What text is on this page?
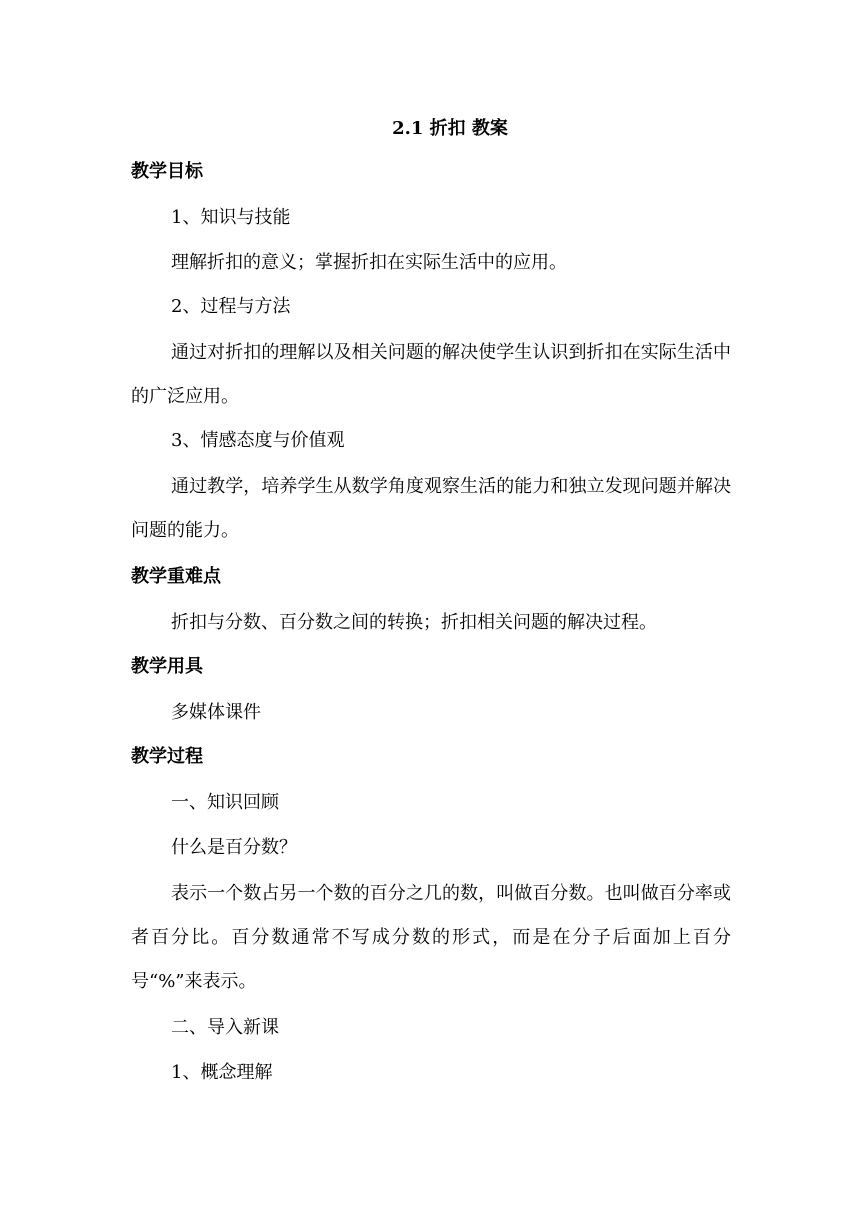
2.1 折扣 教案
教学目标
1、知识与技能
理解折扣的意义；掌握折扣在实际生活中的应用。
2、过程与方法
通过对折扣的理解以及相关问题的解决使学生认识到折扣在实际生活中的广泛应用。
3、情感态度与价值观
通过教学，培养学生从数学角度观察生活的能力和独立发现问题并解决问题的能力。
教学重难点
折扣与分数、百分数之间的转换；折扣相关问题的解决过程。
教学用具
多媒体课件
教学过程
一、知识回顾
什么是百分数？
表示一个数占另一个数的百分之几的数，叫做百分数。也叫做百分率或者百分比。百分数通常不写成分数的形式，而是在分子后面加上百分号“%”来表示。
二、导入新课
1、概念理解
